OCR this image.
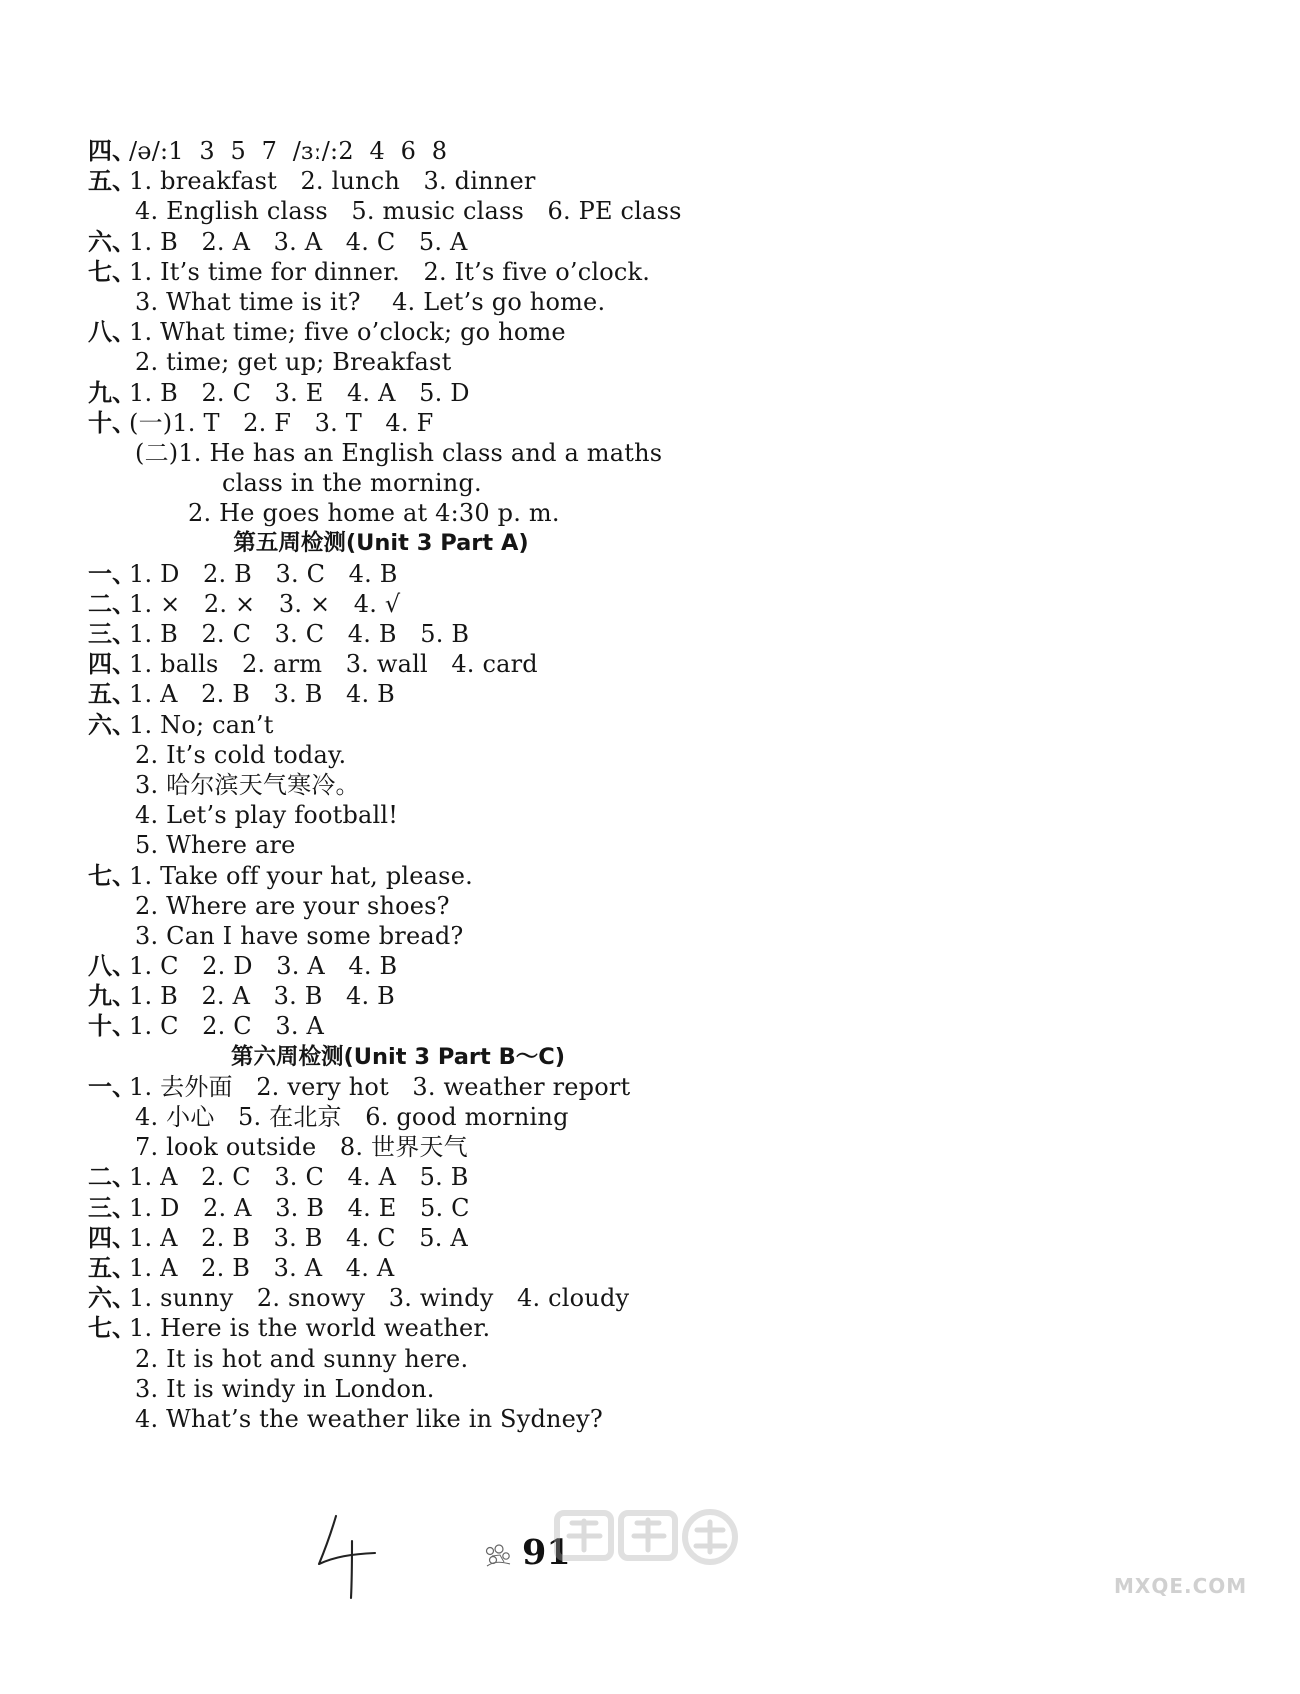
四、

/ə/:1  3  5  7  /ɜː/:2  4  6  8

五、

1. breakfast   2. lunch   3. dinner

4. English class   5. music class   6. PE class

六、

1. B   2. A   3. A   4. C   5. A

七、

1. It’s time for dinner.   2. It’s five o’clock.

3. What time is it?    4. Let’s go home.

八、

1. What time; five o’clock; go home

2. time; get up; Breakfast

九、

1. B   2. C   3. E   4. A   5. D

十、

(一)1. T   2. F   3. T   4. F

(二)1. He has an English class and a maths

class in the morning.

2. He goes home at 4:30 p. m.

第五周检测(Unit 3 Part A)

一、

1. D   2. B   3. C   4. B

二、

1. ×   2. ×   3. ×   4. √

三、

1. B   2. C   3. C   4. B   5. B

四、

1. balls   2. arm   3. wall   4. card

五、

1. A   2. B   3. B   4. B

六、

1. No; can’t

2. It’s cold today.

3. 哈尔滨天气寒冷。

4. Let’s play football!

5. Where are

七、

1. Take off your hat, please.

2. Where are your shoes?

3. Can I have some bread?

八、

1. C   2. D   3. A   4. B

九、

1. B   2. A   3. B   4. B

十、

1. C   2. C   3. A

第六周检测(Unit 3 Part B～C)

一、

1. 去外面   2. very hot   3. weather report

4. 小心   5. 在北京   6. good morning

7. look outside   8. 世界天气

二、

1. A   2. C   3. C   4. A   5. B

三、

1. D   2. A   3. B   4. E   5. C

四、

1. A   2. B   3. B   4. C   5. A

五、

1. A   2. B   3. A   4. A

六、

1. sunny   2. snowy   3. windy   4. cloudy

七、

1. Here is the world weather.

2. It is hot and sunny here.

3. It is windy in London.

4. What’s the weather like in Sydney?

91
MXQE.COM
